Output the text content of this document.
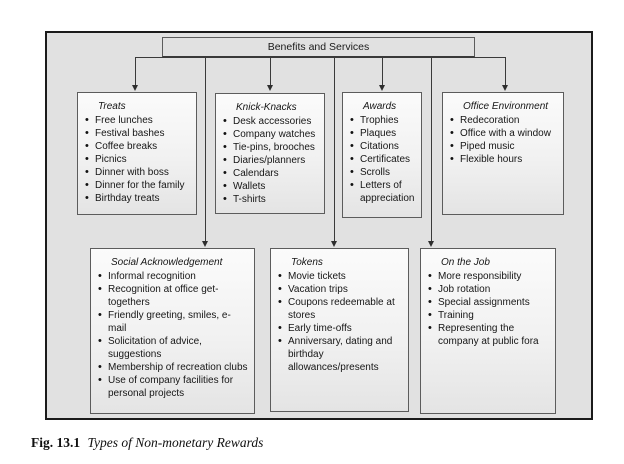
Benefits and Services
Treats
• Free lunches
• Festival bashes
• Coffee breaks
• Picnics
• Dinner with boss
• Dinner for the family
• Birthday treats
Knick-Knacks
• Desk accessories
• Company watches
• Tie-pins, brooches
• Diaries/planners
• Calendars
• Wallets
• T-shirts
Awards
• Trophies
• Plaques
• Citations
• Certificates
• Scrolls
• Letters of appreciation
Office Environment
• Redecoration
• Office with a window
• Piped music
• Flexible hours
Social Acknowledgement
• Informal recognition
• Recognition at office get-togethers
• Friendly greeting, smiles, e-mail
• Solicitation of advice, suggestions
• Membership of recreation clubs
• Use of company facilities for personal projects
Tokens
• Movie tickets
• Vacation trips
• Coupons redeemable at stores
• Early time-offs
• Anniversary, dating and birthday allowances/presents
On the Job
• More responsibility
• Job rotation
• Special assignments
• Training
• Representing the company at public fora
Fig. 13.1 Types of Non-monetary Rewards
